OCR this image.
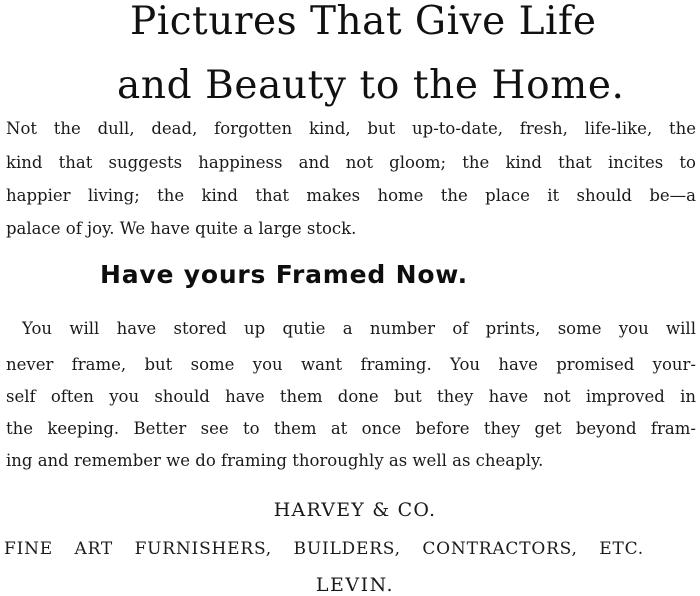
Pictures That Give Life
and Beauty to the Home.
Not the dull, dead, forgotten kind, but up-to-date, fresh, life-like, the
kind that suggests happiness and not gloom; the kind that incites to
happier living; the kind that makes home the place it should be—a
palace of joy. We have quite a large stock.
Have yours Framed Now.
You will have stored up qutie a number of prints, some you will
never frame, but some you want framing. You have promised your-
self often you should have them done but they have not improved in
the keeping. Better see to them at once before they get beyond fram-
ing and remember we do framing thoroughly as well as cheaply.
HARVEY & CO.
FINE ART FURNISHERS, BUILDERS, CONTRACTORS, ETC.
LEVIN.
